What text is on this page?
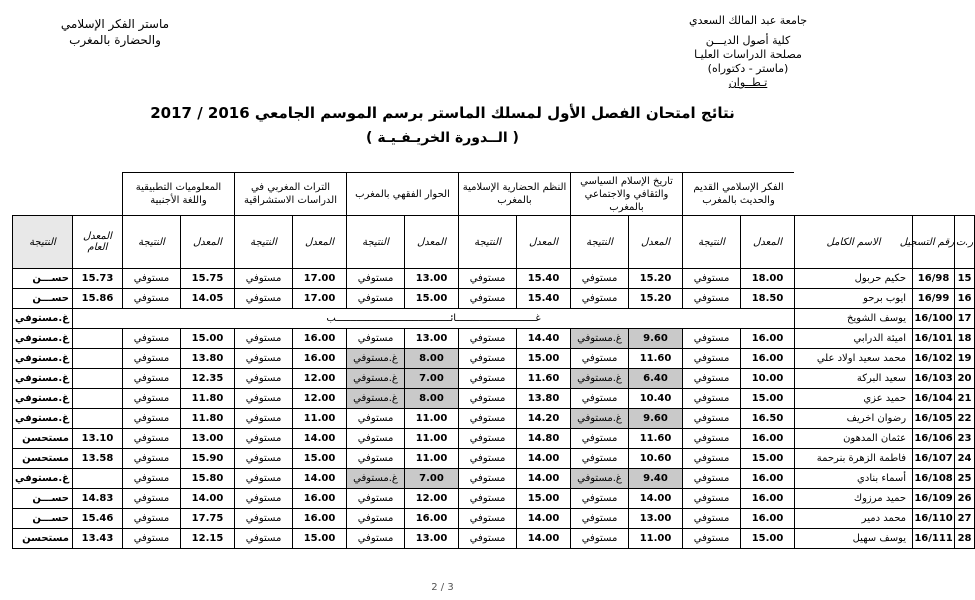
جامعة عبد المالك السعدي
كلية أصول الديـــن
مصلحة الدراسات العليـا
(ماستر - دكتوراه)
تـطــوان
ماستر الفكر الإسلامي
والحضارة بالمغرب
نتائج امتحان الفصل الأول لمسلك الماستر برسم الموسم الجامعي 2016 / 2017
( الــدورة الخريـفـيـة )
			الفكر الإسلامي القديم والحديث بالمغرب		تاريخ الإسلام السياسي والثقافي والاجتماعي بالمغرب		النظم الحضارية الإسلامية بالمغرب		الحوار الفقهي بالمغرب		التراث المغربي في الدراسات الاستشراقية		المعلوميات التطبيقية واللغة الأجنبية			
ر.ت	رقم التسجيل	الاسم الكامل	المعدل	النتيجة	المعدل	النتيجة	المعدل	النتيجة	المعدل	النتيجة	المعدل	النتيجة	المعدل	النتيجة	المعدل العام	النتيجة
15	16/98	حكيم حربول	18.00	مستوفي	15.20	مستوفي	15.40	مستوفي	13.00	مستوفي	17.00	مستوفي	15.75	مستوفي	15.73	حســـن
16	16/99	ايوب برحو	18.50	مستوفي	15.20	مستوفي	15.40	مستوفي	15.00	مستوفي	17.00	مستوفي	14.05	مستوفي	15.86	حســـن
17	16/100	يوسف الشويخ	غـــــــــــــــــــــــــــائـــــــــــــــــــــــــــــــــــــــب													غ.مستوفي
18	16/101	اميئة الدرابي	16.00	مستوفي	9.60	غ.مستوفي	14.40	مستوفي	13.00	مستوفي	16.00	مستوفي	15.00	مستوفي		غ.مستوفي
19	16/102	محمد سعيد اولاد علي	16.00	مستوفي	11.60	مستوفي	15.00	مستوفي	8.00	غ.مستوفي	16.00	مستوفي	13.80	مستوفي		غ.مستوفي
20	16/103	سعيد البركة	10.00	مستوفي	6.40	غ.مستوفي	11.60	مستوفي	7.00	غ.مستوفي	12.00	مستوفي	12.35	مستوفي		غ.مستوفي
21	16/104	حميد عزي	15.00	مستوفي	10.40	مستوفي	13.80	مستوفي	8.00	غ.مستوفي	12.00	مستوفي	11.80	مستوفي		غ.مستوفي
22	16/105	رضوان اخريف	16.50	مستوفي	9.60	غ.مستوفي	14.20	مستوفي	11.00	مستوفي	11.00	مستوفي	11.80	مستوفي		غ.مستوفي
23	16/106	عثمان المدهون	16.00	مستوفي	11.60	مستوفي	14.80	مستوفي	11.00	مستوفي	14.00	مستوفي	13.00	مستوفي	13.10	مستحسن
24	16/107	فاطمة الزهرة بنرحمة	15.00	مستوفي	10.60	مستوفي	14.00	مستوفي	11.00	مستوفي	15.00	مستوفي	15.90	مستوفي	13.58	مستحسن
25	16/108	أسماء بنادي	16.00	مستوفي	9.40	غ.مستوفي	14.00	مستوفي	7.00	غ.مستوفي	14.00	مستوفي	15.80	مستوفي		غ.مستوفي
26	16/109	حميد مرزوك	16.00	مستوفي	14.00	مستوفي	15.00	مستوفي	12.00	مستوفي	16.00	مستوفي	14.00	مستوفي	14.83	حســـن
27	16/110	محمد دمير	16.00	مستوفي	13.00	مستوفي	14.00	مستوفي	16.00	مستوفي	16.00	مستوفي	17.75	مستوفي	15.46	حســـن
28	16/111	يوسف سهيل	15.00	مستوفي	11.00	مستوفي	14.00	مستوفي	13.00	مستوفي	15.00	مستوفي	12.15	مستوفي	13.43	مستحسن
2 / 3
